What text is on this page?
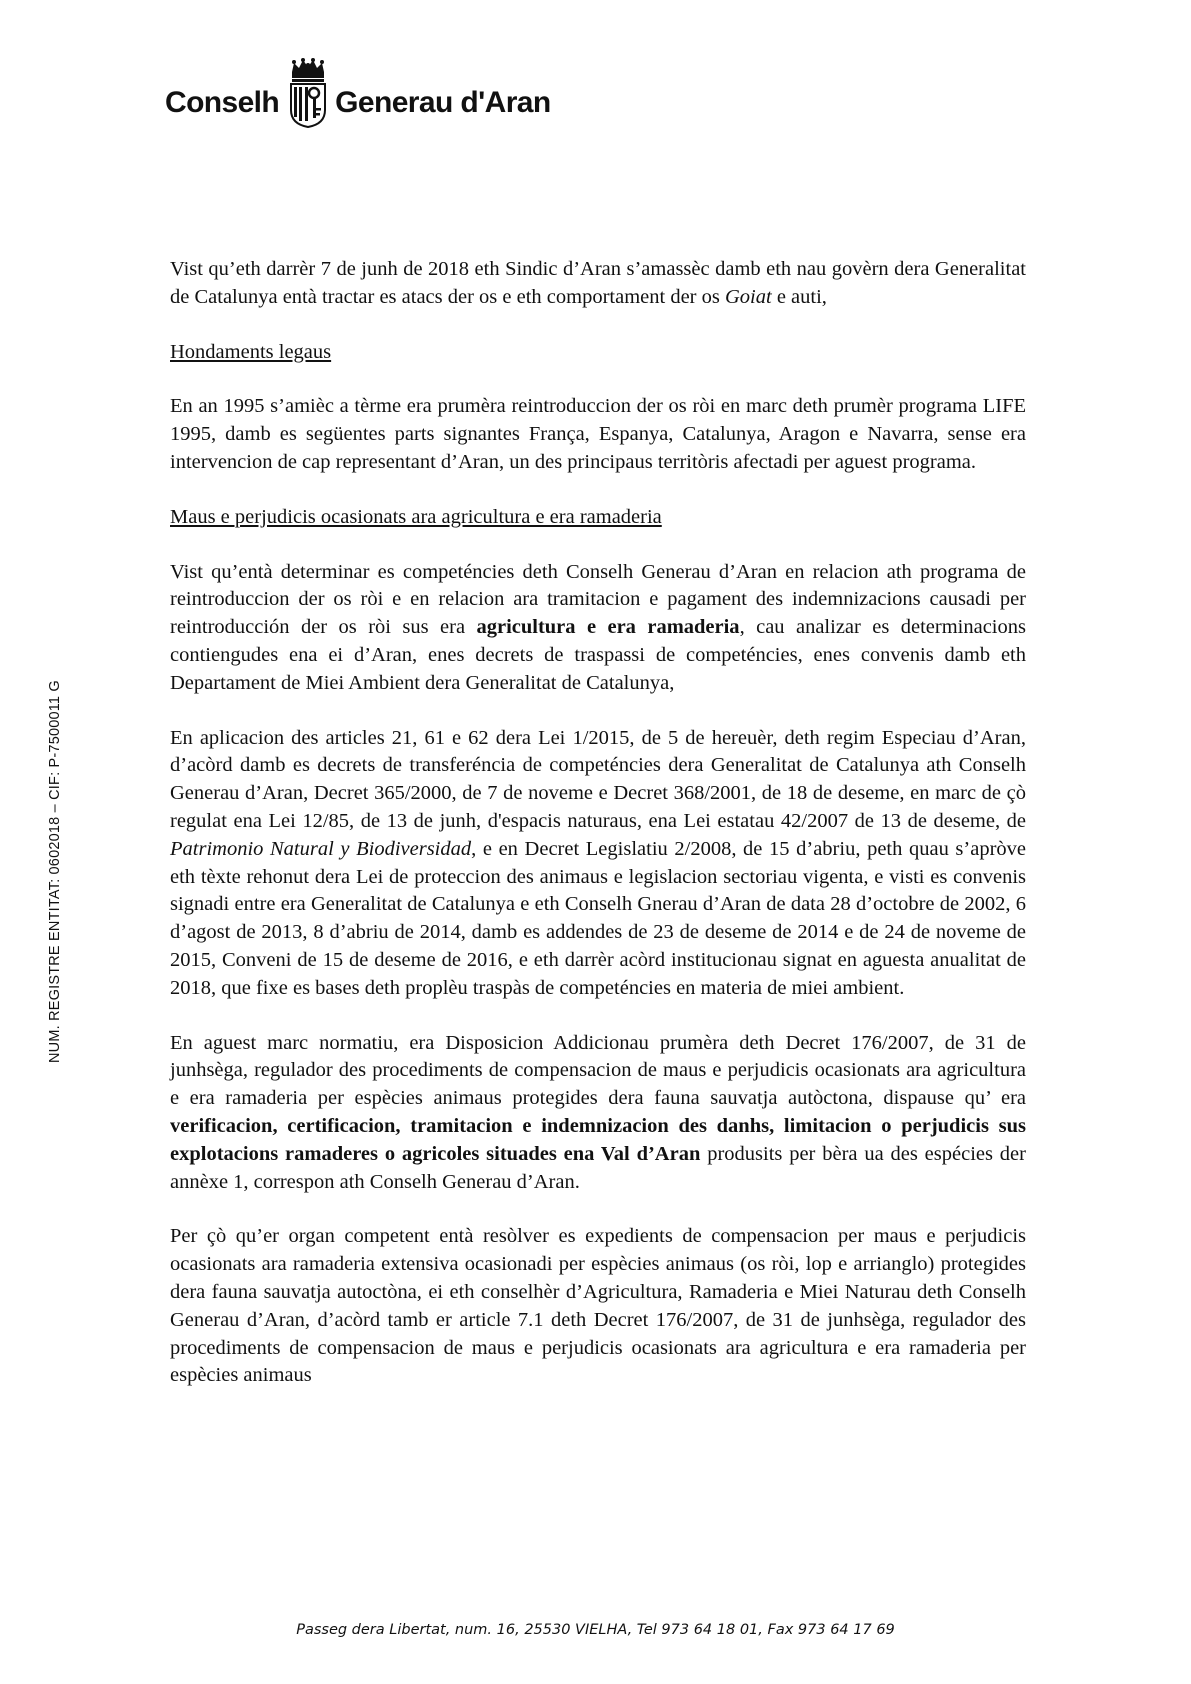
Conselh Generau d'Aran
NUM. REGISTRE ENTITAT: 0602018 – CIF: P-7500011 G

Vist qu’eth darrèr 7 de junh de 2018 eth Sindic d’Aran s’amassèc damb eth nau govèrn dera Generalitat de Catalunya entà tractar es atacs der os e eth comportament der os Goiat e auti,

Hondaments legaus

En an 1995 s’amièc a tèrme era prumèra reintroduccion der os ròi en marc deth prumèr programa LIFE 1995, damb es següentes parts signantes França, Espanya, Catalunya, Aragon e Navarra, sense era intervencion de cap representant d’Aran, un des principaus territòris afectadi per aguest programa.

Maus e perjudicis ocasionats ara agricultura e era ramaderia

Vist qu’entà determinar es competéncies deth Conselh Generau d’Aran en relacion ath programa de reintroduccion der os ròi e en relacion ara tramitacion e pagament des indemnizacions causadi per reintroducción der os ròi sus era agricultura e era ramaderia, cau analizar es determinacions contiengudes ena ei d’Aran, enes decrets de traspassi de competéncies, enes convenis damb eth Departament de Miei Ambient dera Generalitat de Catalunya,

En aplicacion des articles 21, 61 e 62 dera Lei 1/2015, de 5 de hereuèr, deth regim Especiau d’Aran, d’acòrd damb es decrets de transferéncia de competéncies dera Generalitat de Catalunya ath Conselh Generau d’Aran, Decret 365/2000, de 7 de noveme e Decret 368/2001, de 18 de deseme, en marc de çò regulat ena Lei 12/85, de 13 de junh, d'espacis naturaus, ena Lei estatau 42/2007 de 13 de deseme, de Patrimonio Natural y Biodiversidad, e en Decret Legislatiu 2/2008, de 15 d’abriu, peth quau s’apròve eth tèxte rehonut dera Lei de proteccion des animaus e legislacion sectoriau vigenta, e visti es convenis signadi entre era Generalitat de Catalunya e eth Conselh Gnerau d’Aran de data 28 d’octobre de 2002, 6 d’agost de 2013, 8 d’abriu de 2014, damb es addendes de 23 de deseme de 2014 e de 24 de noveme de 2015, Conveni de 15 de deseme de 2016, e eth darrèr acòrd institucionau signat en aguesta anualitat de 2018, que fixe es bases deth proplèu traspàs de competéncies en materia de miei ambient.

En aguest marc normatiu, era Disposicion Addicionau prumèra deth Decret 176/2007, de 31 de junhsèga, regulador des procediments de compensacion de maus e perjudicis ocasionats ara agricultura e era ramaderia per espècies animaus protegides dera fauna sauvatja autòctona, dispause qu’ era verificacion, certificacion, tramitacion e indemnizacion des danhs, limitacion o perjudicis sus explotacions ramaderes o agricoles situades ena Val d’Aran produsits per bèra ua des espécies der annèxe 1, correspon ath Conselh Generau d’Aran.

Per çò qu’er organ competent entà resòlver es expedients de compensacion per maus e perjudicis ocasionats ara ramaderia extensiva ocasionadi per espècies animaus (os ròi, lop e arrianglo) protegides dera fauna sauvatja autoctòna, ei eth conselhèr d’Agricultura, Ramaderia e Miei Naturau deth Conselh Generau d’Aran, d’acòrd tamb er article 7.1 deth Decret 176/2007, de 31 de junhsèga, regulador des procediments de compensacion de maus e perjudicis ocasionats ara agricultura e era ramaderia per espècies animaus

Passeg dera Libertat, num. 16, 25530 VIELHA, Tel 973 64 18 01, Fax 973 64 17 69
